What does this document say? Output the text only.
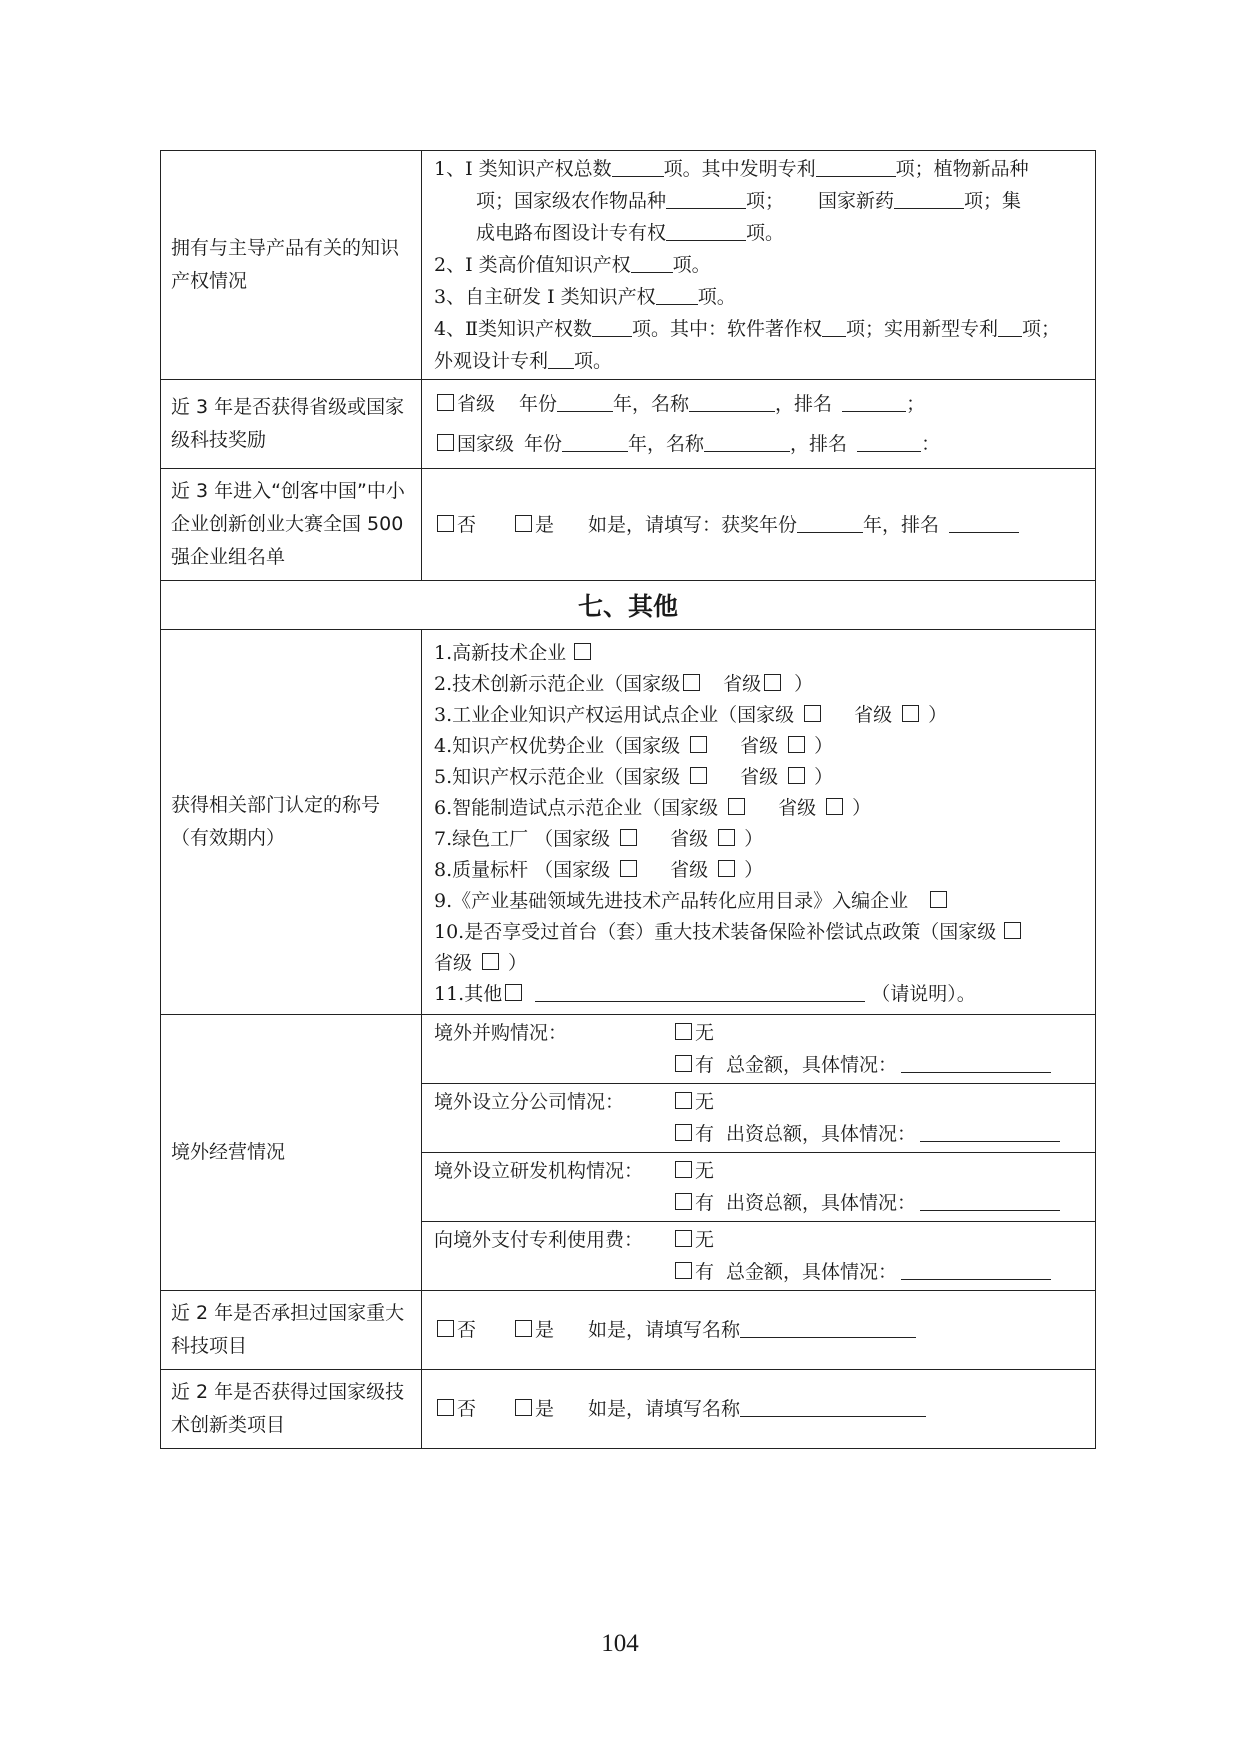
拥有与主导产品有关的知识产权情况	
1、I 类知识产权总数	项。其中发明专利	项；植物新品种
项；国家级农作物品种	项； 国家新药	项；集
成电路布图设计专有权	项。
2、I 类高价值知识产权 项。
3、自主研发 I 类知识产权 项。
4、Ⅱ类知识产权数 项。其中：软件著作权 项；实用新型专利 项；
外观设计专利 项。

近 3 年是否获得省级或国家级科技奖励	
省级 年份	年，名称	，排名	；
国家级 年份	年，名称	，排名	：

近 3 年进入“创客中国”中小企业创新创业大赛全国 500 强企业组名单	
否	是 如是，请填写：获奖年份	年，排名

七、其他
获得相关部门认定的称号（有效期内）	
1.高新技术企业
2.技术创新示范企业（国家级 省级 ）
3.工业企业知识产权运用试点企业（国家级	省级 ）
4.知识产权优势企业（国家级	省级 ）
5.知识产权示范企业（国家级	省级 ）
6.智能制造试点示范企业（国家级	省级 ）
7.绿色工厂 （国家级	省级 ）
8.质量标杆 （国家级	省级 ）
9.《产业基础领域先进技术产品转化应用目录》入编企业
10.是否享受过首台（套）重大技术装备保险补偿试点政策（国家级
省级 ）
11.其他	（请说明）。

境外经营情况	
境外并购情况：	无
有 总金额，具体情况：

境外设立分公司情况：	无
有 出资总额，具体情况：

境外设立研发机构情况：	无
有 出资总额，具体情况：

向境外支付专利使用费：	无
有 总金额，具体情况：

近 2 年是否承担过国家重大科技项目	
否	是 如是，请填写名称

近 2 年是否获得过国家级技术创新类项目	
否	是 如是，请填写名称
104
